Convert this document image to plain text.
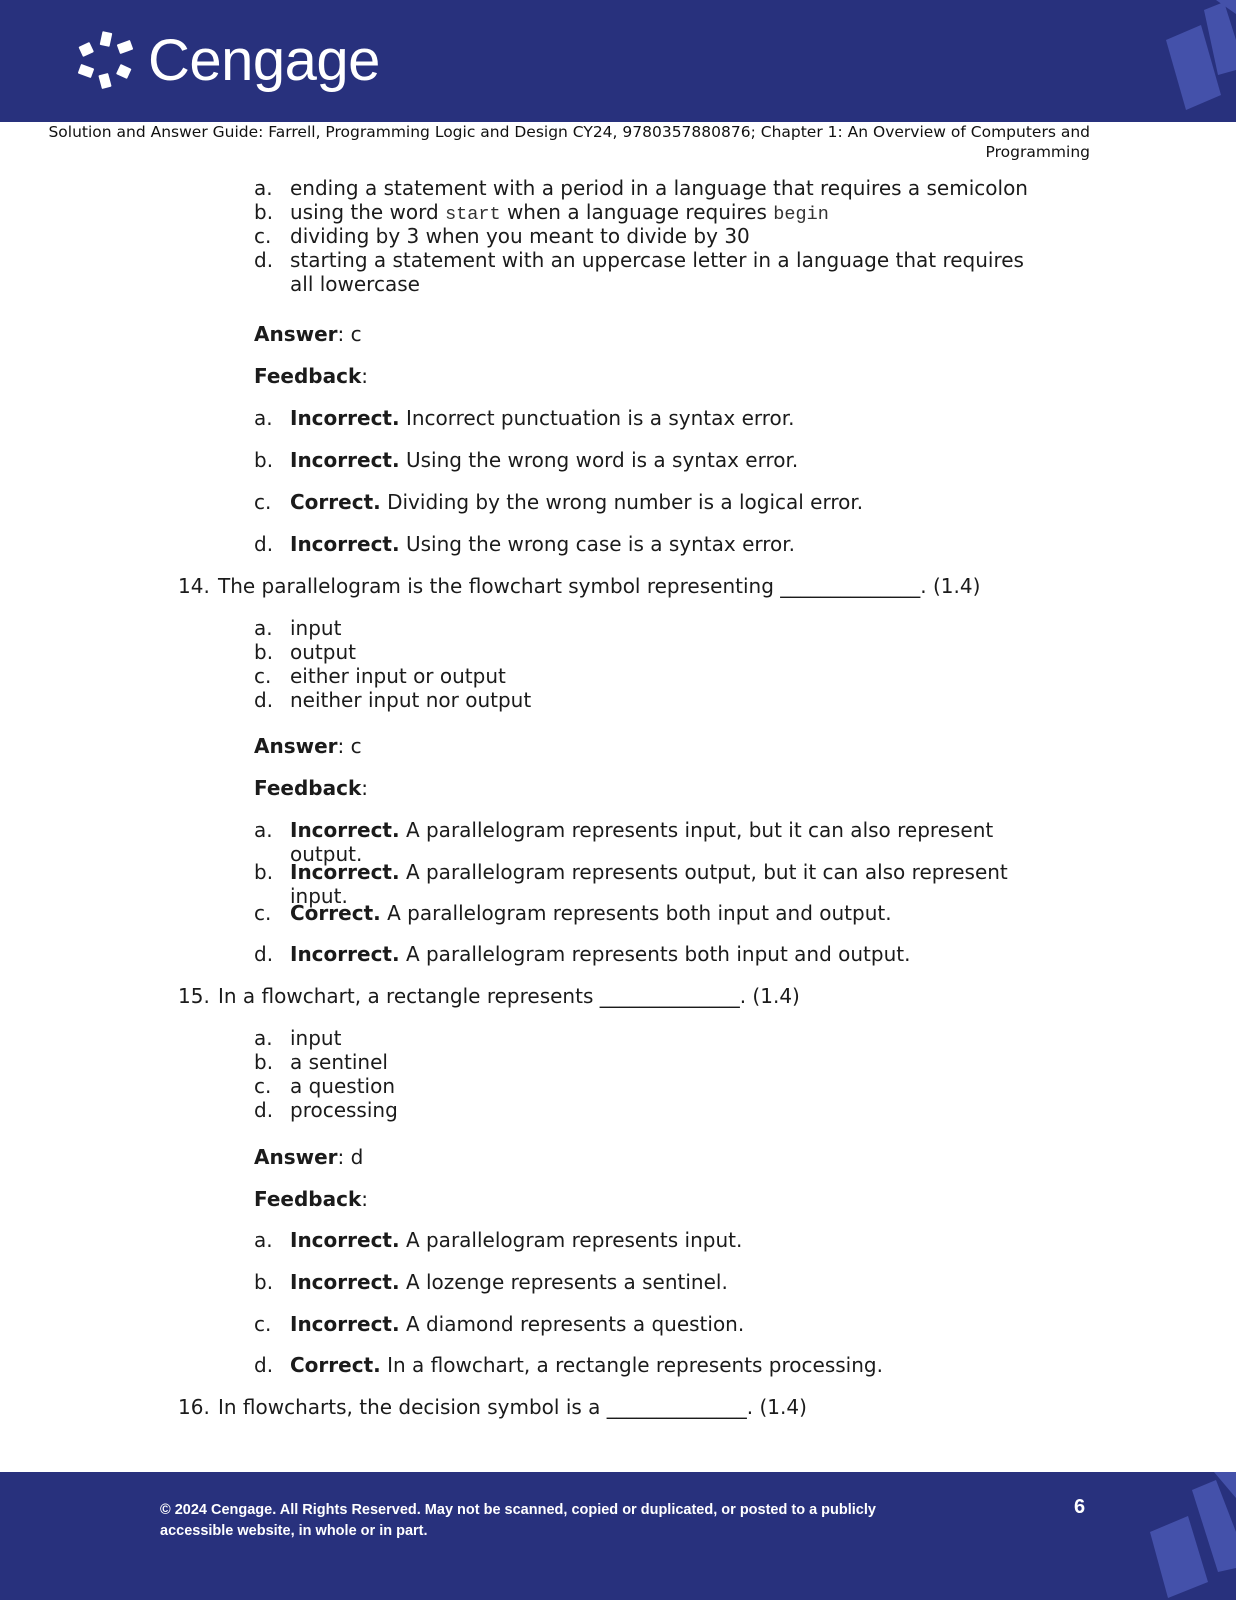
Cengage
Solution and Answer Guide: Farrell, Programming Logic and Design CY24, 9780357880876; Chapter 1: An Overview of Computers and Programming
a. ending a statement with a period in a language that requires a semicolon
b. using the word start when a language requires begin
c. dividing by 3 when you meant to divide by 30
d. starting a statement with an uppercase letter in a language that requires all lowercase
Answer: c
Feedback:
a. Incorrect. Incorrect punctuation is a syntax error.
b. Incorrect. Using the wrong word is a syntax error.
c. Correct. Dividing by the wrong number is a logical error.
d. Incorrect. Using the wrong case is a syntax error.
14. The parallelogram is the flowchart symbol representing ______________. (1.4)
a. input
b. output
c. either input or output
d. neither input nor output
Answer: c
Feedback:
a. Incorrect. A parallelogram represents input, but it can also represent output.
b. Incorrect. A parallelogram represents output, but it can also represent input.
c. Correct. A parallelogram represents both input and output.
d. Incorrect. A parallelogram represents both input and output.
15. In a flowchart, a rectangle represents ______________. (1.4)
a. input
b. a sentinel
c. a question
d. processing
Answer: d
Feedback:
a. Incorrect. A parallelogram represents input.
b. Incorrect. A lozenge represents a sentinel.
c. Incorrect. A diamond represents a question.
d. Correct. In a flowchart, a rectangle represents processing.
16. In flowcharts, the decision symbol is a ______________. (1.4)
© 2024 Cengage. All Rights Reserved. May not be scanned, copied or duplicated, or posted to a publicly accessible website, in whole or in part.
6
